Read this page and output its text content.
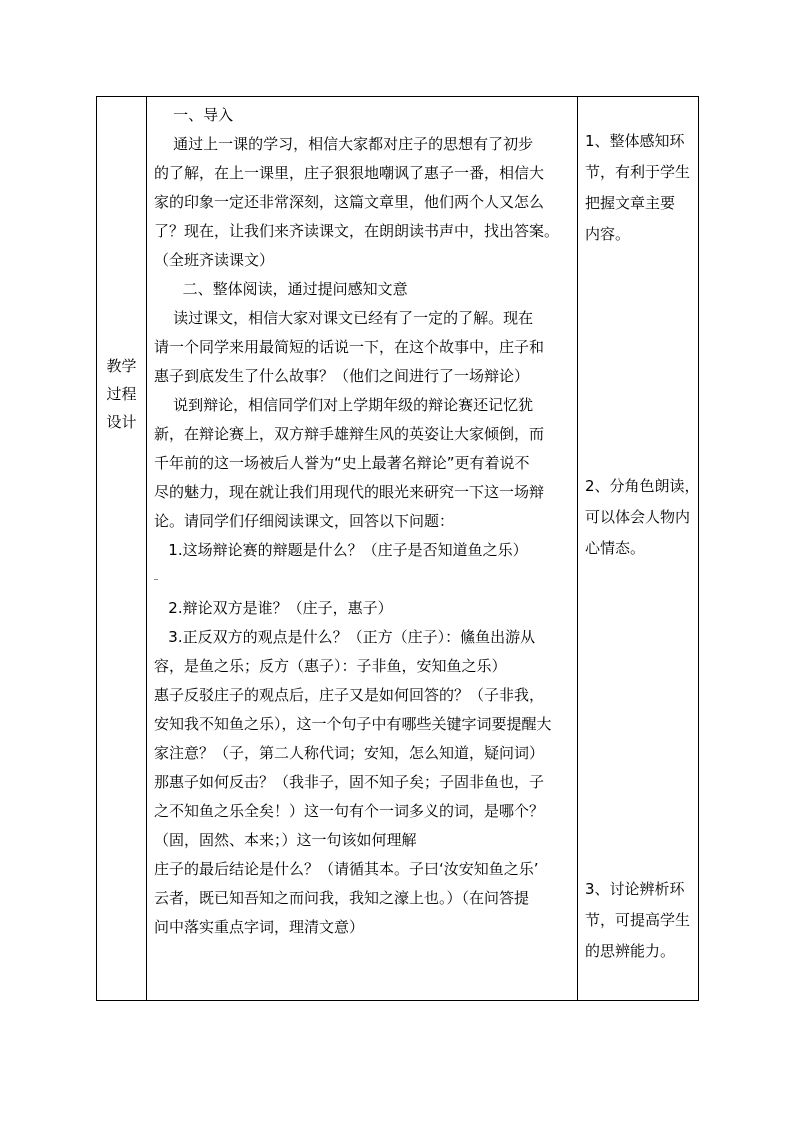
教学
过程
设计

一、导入

通过上一课的学习，相信大家都对庄子的思想有了初步

的了解，在上一课里，庄子狠狠地嘲讽了惠子一番，相信大

家的印象一定还非常深刻，这篇文章里，他们两个人又怎么

了？现在，让我们来齐读课文，在朗朗读书声中，找出答案。

（全班齐读课文）

二、整体阅读，通过提问感知文意

读过课文，相信大家对课文已经有了一定的了解。现在

请一个同学来用最简短的话说一下，在这个故事中，庄子和

惠子到底发生了什么故事？（他们之间进行了一场辩论）

说到辩论，相信同学们对上学期年级的辩论赛还记忆犹

新，在辩论赛上，双方辩手雄辩生风的英姿让大家倾倒，而

千年前的这一场被后人誉为“史上最著名辩论”更有着说不

尽的魅力，现在就让我们用现代的眼光来研究一下这一场辩

论。请同学们仔细阅读课文，回答以下问题：

1.这场辩论赛的辩题是什么？（庄子是否知道鱼之乐）

2.辩论双方是谁？（庄子，惠子）

3.正反双方的观点是什么？（正方（庄子）：鯈鱼出游从

容，是鱼之乐；反方（惠子）：子非鱼，安知鱼之乐）

惠子反驳庄子的观点后，庄子又是如何回答的？（子非我，

安知我不知鱼之乐），这一个句子中有哪些关键字词要提醒大

家注意？（子，第二人称代词；安知，怎么知道，疑问词）

那惠子如何反击？（我非子，固不知子矣；子固非鱼也，子

之不知鱼之乐全矣！）这一句有个一词多义的词，是哪个？

（固，固然、本来；）这一句该如何理解

庄子的最后结论是什么？（请循其本。子曰‘汝安知鱼之乐’

云者，既已知吾知之而问我，我知之濠上也。）（在问答提

问中落实重点字词，理清文意）

1、整体感知环

节，有利于学生

把握文章主要

内容。

2、分角色朗读，

可以体会人物内

心情态。

3、讨论辨析环

节，可提高学生

的思辨能力。
